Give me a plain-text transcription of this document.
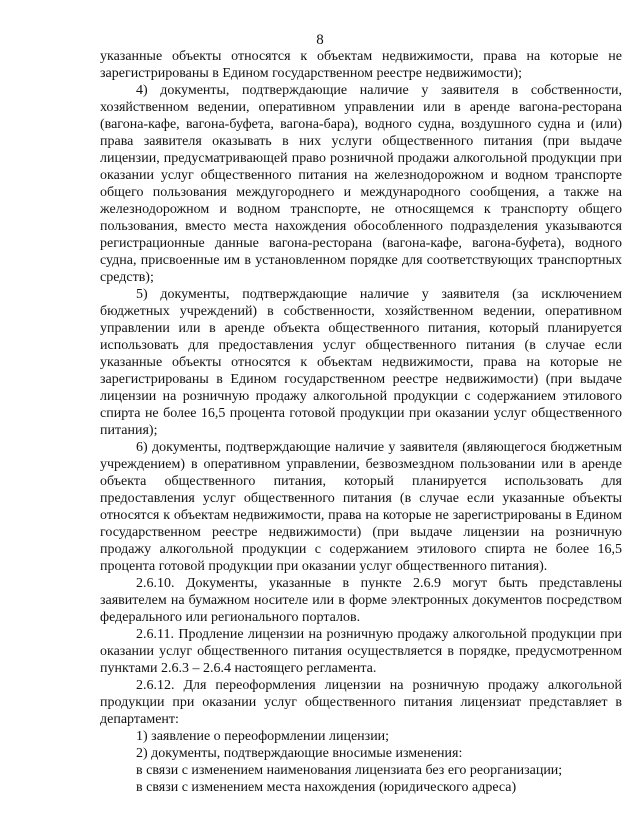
8

указанные объекты относятся к объектам недвижимости, права на которые не зарегистрированы в Едином государственном реестре недвижимости);

4) документы, подтверждающие наличие у заявителя в собственности, хозяйственном ведении, оперативном управлении или в аренде вагона-ресторана (вагона-кафе, вагона-буфета, вагона-бара), водного судна, воздушного судна и (или) права заявителя оказывать в них услуги общественного питания (при выдаче лицензии, предусматривающей право розничной продажи алкогольной продукции при оказании услуг общественного питания на железнодорожном и водном транспорте общего пользования междугороднего и международного сообщения, а также на железнодорожном и водном транспорте, не относящемся к транспорту общего пользования, вместо места нахождения обособленного подразделения указываются регистрационные данные вагона-ресторана (вагона-кафе, вагона-буфета), водного судна, присвоенные им в установленном порядке для соответствующих транспортных средств);

5) документы, подтверждающие наличие у заявителя (за исключением бюджетных учреждений) в собственности, хозяйственном ведении, оперативном управлении или в аренде объекта общественного питания, который планируется использовать для предоставления услуг общественного питания (в случае если указанные объекты относятся к объектам недвижимости, права на которые не зарегистрированы в Едином государственном реестре недвижимости) (при выдаче лицензии на розничную продажу алкогольной продукции с содержанием этилового спирта не более 16,5 процента готовой продукции при оказании услуг общественного питания);

6) документы, подтверждающие наличие у заявителя (являющегося бюджетным учреждением) в оперативном управлении, безвозмездном пользовании или в аренде объекта общественного питания, который планируется использовать для предоставления услуг общественного питания (в случае если указанные объекты относятся к объектам недвижимости, права на которые не зарегистрированы в Едином государственном реестре недвижимости) (при выдаче лицензии на розничную продажу алкогольной продукции с содержанием этилового спирта не более 16,5 процента готовой продукции при оказании услуг общественного питания).

2.6.10. Документы, указанные в пункте 2.6.9 могут быть представлены заявителем на бумажном носителе или в форме электронных документов посредством федерального или регионального порталов.

2.6.11. Продление лицензии на розничную продажу алкогольной продукции при оказании услуг общественного питания осуществляется в порядке, предусмотренном пунктами 2.6.3 – 2.6.4 настоящего регламента.

2.6.12. Для переоформления лицензии на розничную продажу алкогольной продукции при оказании услуг общественного питания лицензиат представляет в департамент:

1) заявление о переоформлении лицензии;

2) документы, подтверждающие вносимые изменения:

в связи с изменением наименования лицензиата без его реорганизации;

в связи с изменением места нахождения (юридического адреса)
